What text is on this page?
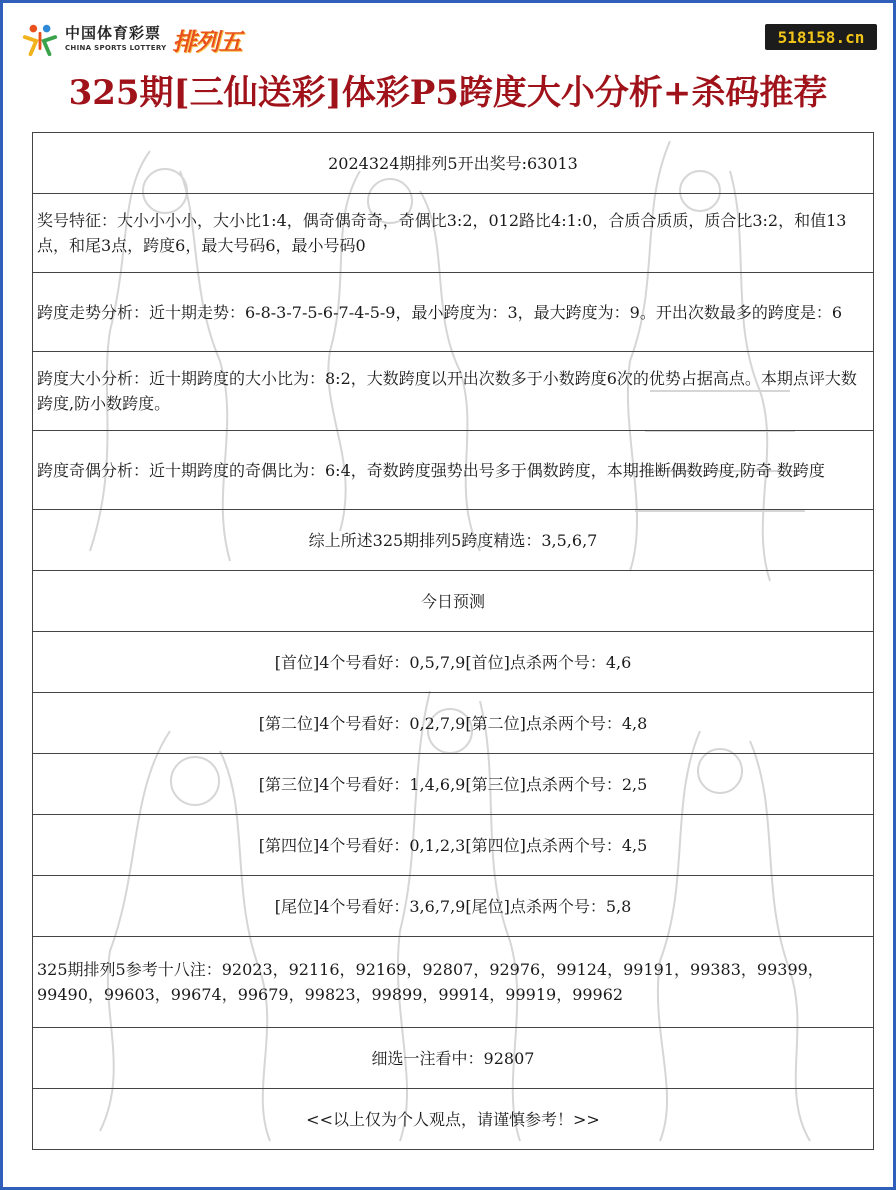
中国体育彩票
CHINA SPORTS LOTTERY 排列五	518158.cn
325期[三仙送彩]体彩P5跨度大小分析+杀码推荐
2024324期排列5开出奖号:63013
奖号特征：大小小小小，大小比1:4，偶奇偶奇奇，奇偶比3:2，012路比4:1:0，合质合质质，质合比3:2，和值13点，和尾3点，跨度6，最大号码6，最小号码0
跨度走势分析：近十期走势：6-8-3-7-5-6-7-4-5-9，最小跨度为：3，最大跨度为：9。开出次数最多的跨度是：6
跨度大小分析：近十期跨度的大小比为：8:2，大数跨度以开出次数多于小数跨度6次的优势占据高点。本期点评大数跨度,防小数跨度。
跨度奇偶分析：近十期跨度的奇偶比为：6:4，奇数跨度强势出号多于偶数跨度，本期推断偶数跨度,防奇 数跨度
综上所述325期排列5跨度精选：3,5,6,7
今日预测
[首位]4个号看好：0,5,7,9[首位]点杀两个号：4,6
[第二位]4个号看好：0,2,7,9[第二位]点杀两个号：4,8
[第三位]4个号看好：1,4,6,9[第三位]点杀两个号：2,5
[第四位]4个号看好：0,1,2,3[第四位]点杀两个号：4,5
[尾位]4个号看好：3,6,7,9[尾位]点杀两个号：5,8
325期排列5参考十八注：92023，92116，92169，92807，92976，99124，99191，99383，99399，99490，99603，99674，99679，99823，99899，99914，99919，99962
细选一注看中：92807
<<以上仅为个人观点，请谨慎参考！>>
